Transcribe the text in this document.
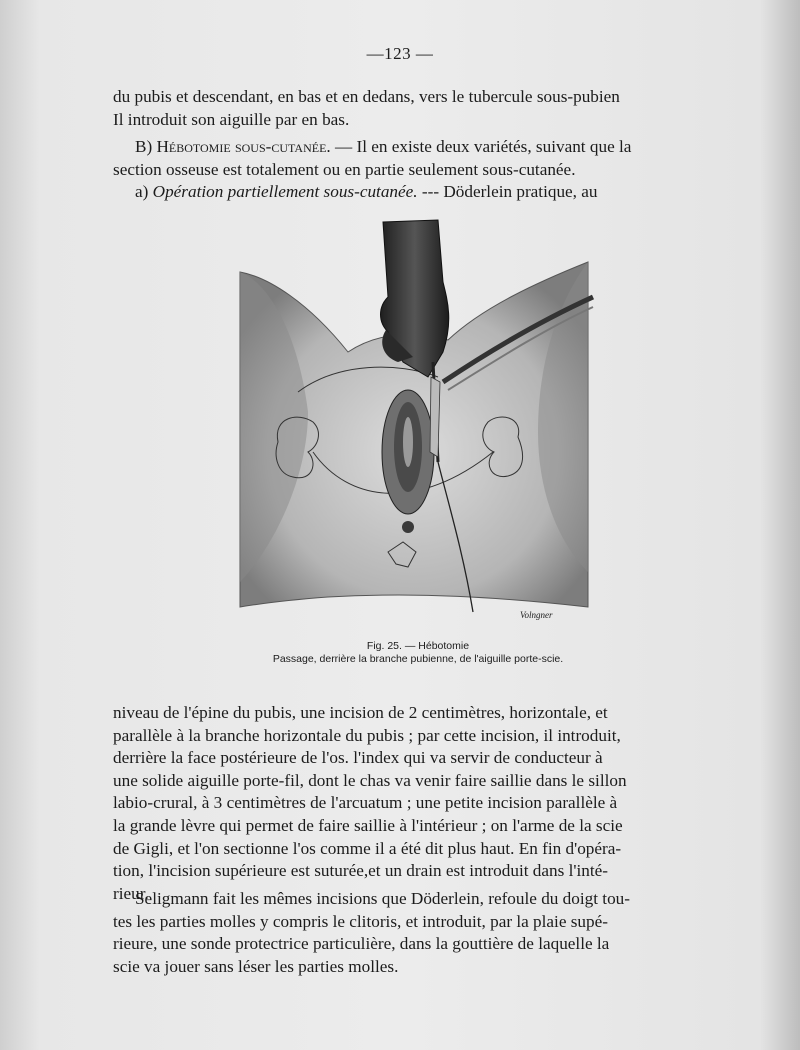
—123 —

du pubis et descendant, en bas et en dedans, vers le tubercule sous-pubien
Il introduit son aiguille par en bas.

B) Hébotomie sous-cutanée. — Il en existe deux variétés, suivant que la
section osseuse est totalement ou en partie seulement sous-cutanée.

a) Opération partiellement sous-cutanée. --- Döderlein pratique, au

Volngner
Fig. 25. — Hébotomie
Passage, derrière la branche pubienne, de l'aiguille porte-scie.

niveau de l'épine du pubis, une incision de 2 centimètres, horizontale, et
parallèle à la branche horizontale du pubis ; par cette incision, il introduit,
derrière la face postérieure de l'os. l'index qui va servir de conducteur à
une solide aiguille porte-fil, dont le chas va venir faire saillie dans le sillon
labio-crural, à 3 centimètres de l'arcuatum ; une petite incision parallèle à
la grande lèvre qui permet de faire saillie à l'intérieur ; on l'arme de la scie
de Gigli, et l'on sectionne l'os comme il a été dit plus haut. En fin d'opéra-
tion, l'incision supérieure est suturée,et un drain est introduit dans l'inté-
rieur.

Seligmann fait les mêmes incisions que Döderlein, refoule du doigt tou-
tes les parties molles y compris le clitoris, et introduit, par la plaie supé-
rieure, une sonde protectrice particulière, dans la gouttière de laquelle la
scie va jouer sans léser les parties molles.
